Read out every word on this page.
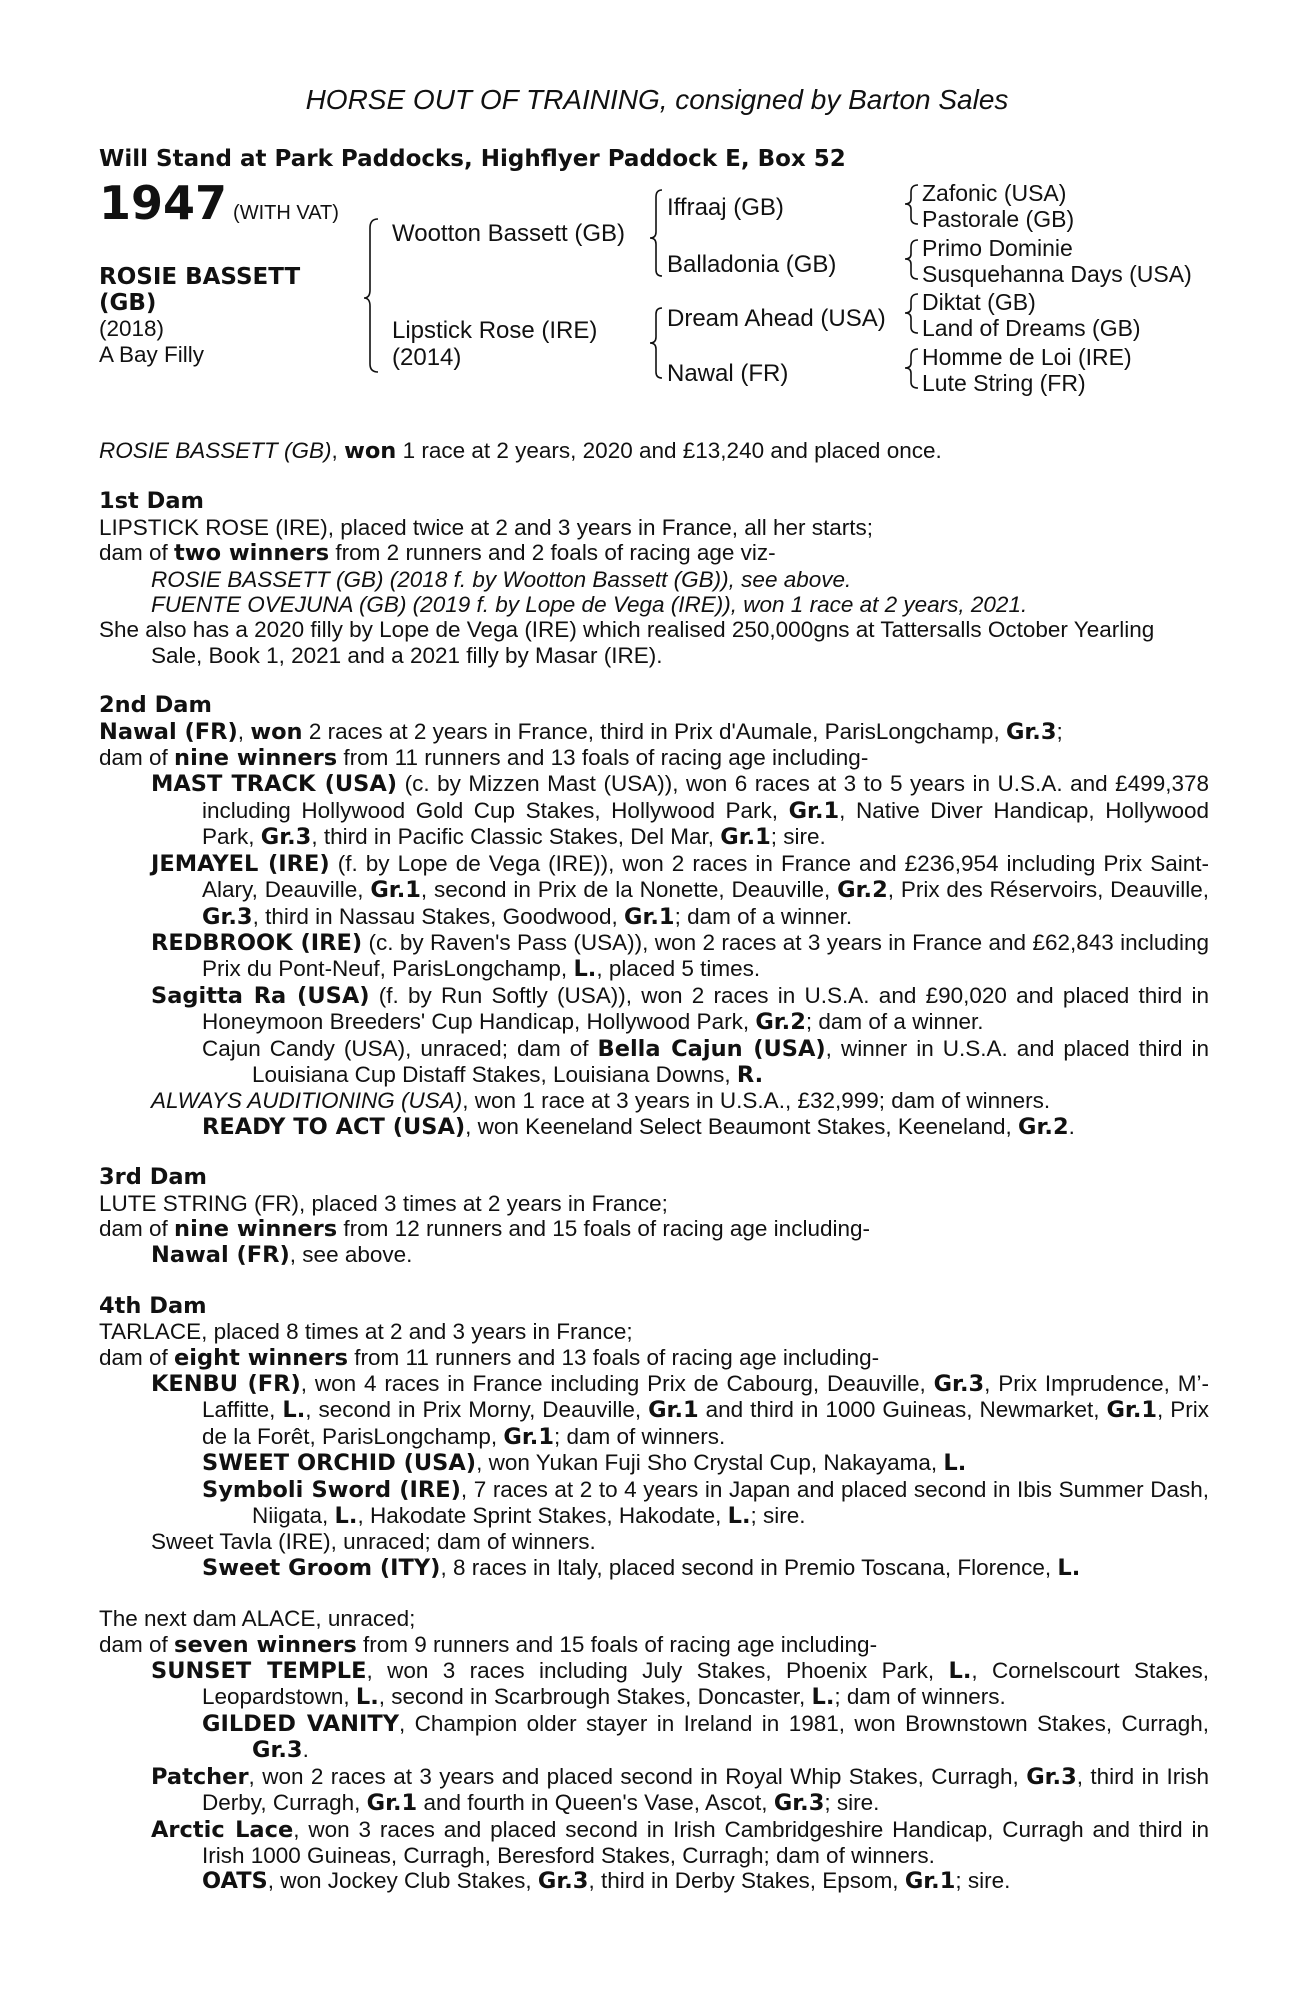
HORSE OUT OF TRAINING, consigned by Barton Sales
Will Stand at Park Paddocks, Highflyer Paddock E, Box 52
1947 (WITH VAT)
ROSIE BASSETT
(GB)
(2018)
A Bay Filly
Wootton Bassett (GB)
Lipstick Rose (IRE)
(2014)
Iffraaj (GB)
Balladonia (GB)
Dream Ahead (USA)
Nawal (FR)
Zafonic (USA)
Pastorale (GB)
Primo Dominie
Susquehanna Days (USA)
Diktat (GB)
Land of Dreams (GB)
Homme de Loi (IRE)
Lute String (FR)

ROSIE BASSETT (GB), won 1 race at 2 years, 2020 and £13,240 and placed once.

1st Dam

LIPSTICK ROSE (IRE), placed twice at 2 and 3 years in France, all her starts;

dam of two winners from 2 runners and 2 foals of racing age viz-

ROSIE BASSETT (GB) (2018 f. by Wootton Bassett (GB)), see above.

FUENTE OVEJUNA (GB) (2019 f. by Lope de Vega (IRE)), won 1 race at 2 years, 2021.

She also has a 2020 filly by Lope de Vega (IRE) which realised 250,000gns at Tattersalls October Yearling Sale, Book 1, 2021 and a 2021 filly by Masar (IRE).

2nd Dam

Nawal (FR), won 2 races at 2 years in France, third in Prix d'Aumale, ParisLongchamp, Gr.3;

dam of nine winners from 11 runners and 13 foals of racing age including-

MAST TRACK (USA) (c. by Mizzen Mast (USA)), won 6 races at 3 to 5 years in U.S.A. and £499,378 including Hollywood Gold Cup Stakes, Hollywood Park, Gr.1, Native Diver Handicap, Hollywood Park, Gr.3, third in Pacific Classic Stakes, Del Mar, Gr.1; sire.

JEMAYEL (IRE) (f. by Lope de Vega (IRE)), won 2 races in France and £236,954 including Prix Saint-Alary, Deauville, Gr.1, second in Prix de la Nonette, Deauville, Gr.2, Prix des Réservoirs, Deauville, Gr.3, third in Nassau Stakes, Goodwood, Gr.1; dam of a winner.

REDBROOK (IRE) (c. by Raven's Pass (USA)), won 2 races at 3 years in France and £62,843 including Prix du Pont-Neuf, ParisLongchamp, L., placed 5 times.

Sagitta Ra (USA) (f. by Run Softly (USA)), won 2 races in U.S.A. and £90,020 and placed third in Honeymoon Breeders' Cup Handicap, Hollywood Park, Gr.2; dam of a winner.

Cajun Candy (USA), unraced; dam of Bella Cajun (USA), winner in U.S.A. and placed third in Louisiana Cup Distaff Stakes, Louisiana Downs, R.

ALWAYS AUDITIONING (USA), won 1 race at 3 years in U.S.A., £32,999; dam of winners.

READY TO ACT (USA), won Keeneland Select Beaumont Stakes, Keeneland, Gr.2.

3rd Dam

LUTE STRING (FR), placed 3 times at 2 years in France;

dam of nine winners from 12 runners and 15 foals of racing age including-

Nawal (FR), see above.

4th Dam

TARLACE, placed 8 times at 2 and 3 years in France;

dam of eight winners from 11 runners and 13 foals of racing age including-

KENBU (FR), won 4 races in France including Prix de Cabourg, Deauville, Gr.3, Prix Imprudence, M’-Laffitte, L., second in Prix Morny, Deauville, Gr.1 and third in 1000 Guineas, Newmarket, Gr.1, Prix de la Forêt, ParisLongchamp, Gr.1; dam of winners.

SWEET ORCHID (USA), won Yukan Fuji Sho Crystal Cup, Nakayama, L.

Symboli Sword (IRE), 7 races at 2 to 4 years in Japan and placed second in Ibis Summer Dash, Niigata, L., Hakodate Sprint Stakes, Hakodate, L.; sire.

Sweet Tavla (IRE), unraced; dam of winners.

Sweet Groom (ITY), 8 races in Italy, placed second in Premio Toscana, Florence, L.

The next dam ALACE, unraced;

dam of seven winners from 9 runners and 15 foals of racing age including-

SUNSET TEMPLE, won 3 races including July Stakes, Phoenix Park, L., Cornelscourt Stakes, Leopardstown, L., second in Scarbrough Stakes, Doncaster, L.; dam of winners.

GILDED VANITY, Champion older stayer in Ireland in 1981, won Brownstown Stakes, Curragh, Gr.3.

Patcher, won 2 races at 3 years and placed second in Royal Whip Stakes, Curragh, Gr.3, third in Irish Derby, Curragh, Gr.1 and fourth in Queen's Vase, Ascot, Gr.3; sire.

Arctic Lace, won 3 races and placed second in Irish Cambridgeshire Handicap, Curragh and third in Irish 1000 Guineas, Curragh, Beresford Stakes, Curragh; dam of winners.

OATS, won Jockey Club Stakes, Gr.3, third in Derby Stakes, Epsom, Gr.1; sire.
